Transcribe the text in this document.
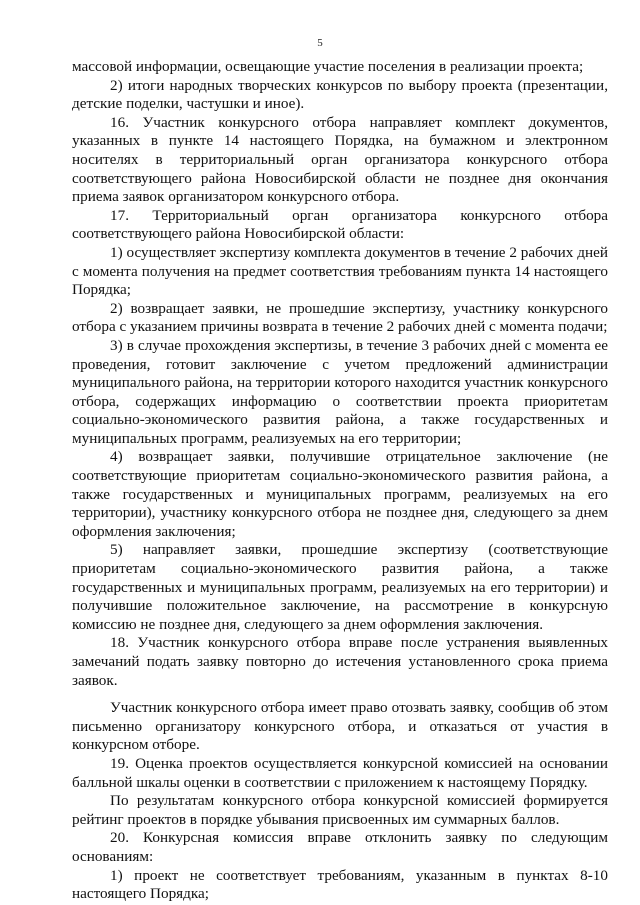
5

массовой информации, освещающие участие поселения в реализации проекта;

2) итоги народных творческих конкурсов по выбору проекта (презентации, детские поделки, частушки и иное).

16. Участник конкурсного отбора направляет комплект документов, указанных в пункте 14 настоящего Порядка, на бумажном и электронном носителях в территориальный орган организатора конкурсного отбора соответствующего района Новосибирской области не позднее дня окончания приема заявок организатором конкурсного отбора.

17. Территориальный орган организатора конкурсного отбора соответствующего района Новосибирской области:

1) осуществляет экспертизу комплекта документов в течение 2 рабочих дней с момента получения на предмет соответствия требованиям пункта 14 настоящего Порядка;

2) возвращает заявки, не прошедшие экспертизу, участнику конкурсного отбора с указанием причины возврата в течение 2 рабочих дней с момента подачи;

3) в случае прохождения экспертизы, в течение 3 рабочих дней с момента ее проведения, готовит заключение с учетом предложений администрации муниципального района, на территории которого находится участник конкурсного отбора, содержащих информацию о соответствии проекта приоритетам социально-экономического развития района, а также государственных и муниципальных программ, реализуемых на его территории;

4) возвращает заявки, получившие отрицательное заключение (не соответствующие приоритетам социально-экономического развития района, а также государственных и муниципальных программ, реализуемых на его территории), участнику конкурсного отбора не позднее дня, следующего за днем оформления заключения;

5) направляет заявки, прошедшие экспертизу (соответствующие приоритетам социально-экономического развития района, а также государственных и муниципальных программ, реализуемых на его территории) и получившие положительное заключение, на рассмотрение в конкурсную комиссию не позднее дня, следующего за днем оформления заключения.

18. Участник конкурсного отбора вправе после устранения выявленных замечаний подать заявку повторно до истечения установленного срока приема заявок.

Участник конкурсного отбора имеет право отозвать заявку, сообщив об этом письменно организатору конкурсного отбора, и отказаться от участия в конкурсном отборе.

19. Оценка проектов осуществляется конкурсной комиссией на основании балльной шкалы оценки в соответствии с приложением к настоящему Порядку.

По результатам конкурсного отбора конкурсной комиссией формируется рейтинг проектов в порядке убывания присвоенных им суммарных баллов.

20. Конкурсная комиссия вправе отклонить заявку по следующим основаниям:

1) проект не соответствует требованиям, указанным в пунктах 8-10 настоящего Порядка;
